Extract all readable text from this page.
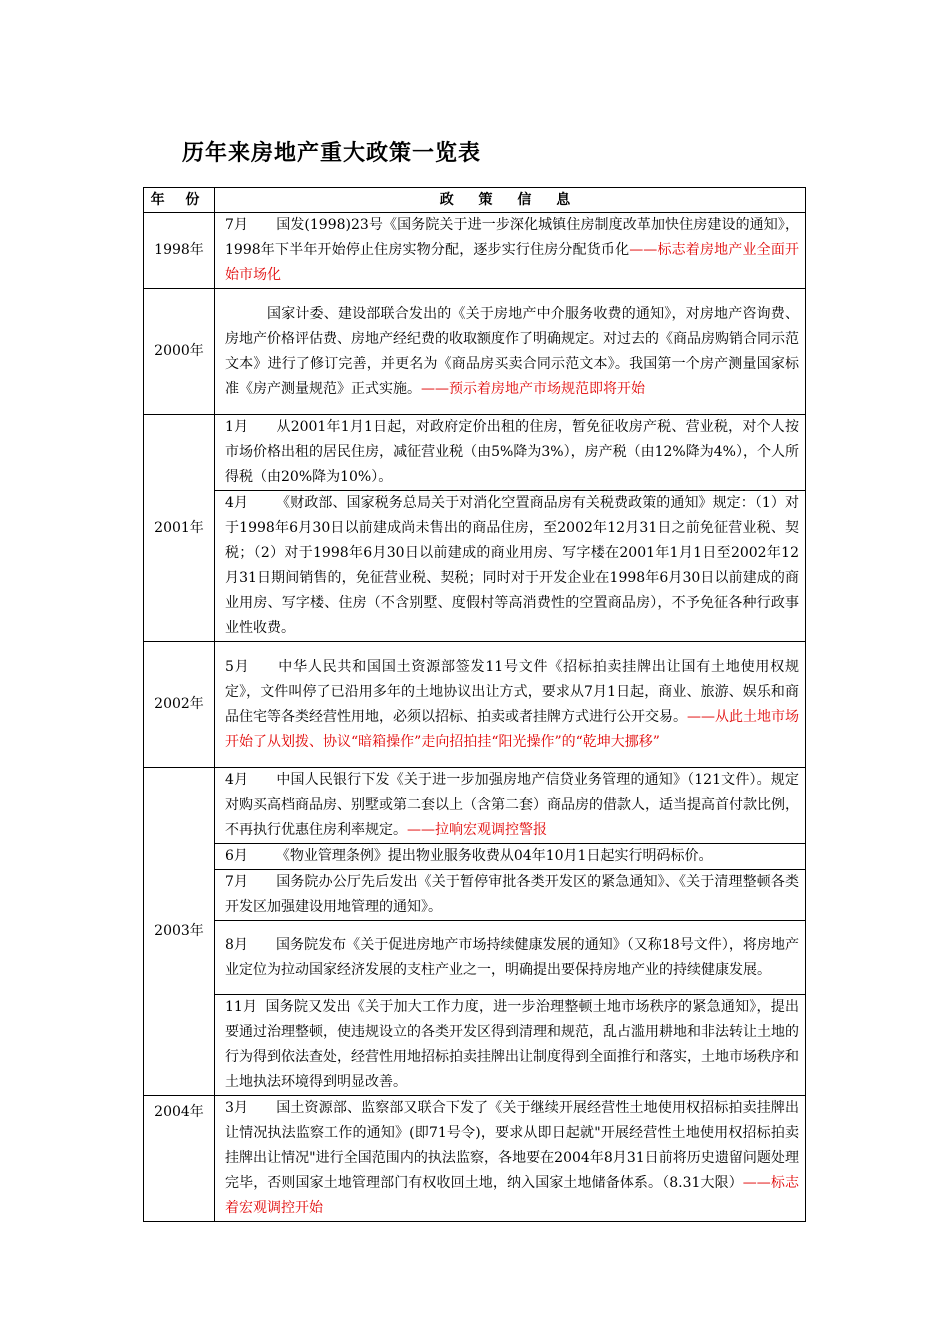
历年来房地产重大政策一览表
年 份	政 策 信 息
1998年	7月 国发(1998)23号《国务院关于进一步深化城镇住房制度改革加快住房建设的通知》，1998年下半年开始停止住房实物分配，逐步实行住房分配货币化——标志着房地产业全面开始市场化
2000年	国家计委、建设部联合发出的《关于房地产中介服务收费的通知》，对房地产咨询费、房地产价格评估费、房地产经纪费的收取额度作了明确规定。对过去的《商品房购销合同示范文本》进行了修订完善，并更名为《商品房买卖合同示范文本》。我国第一个房产测量国家标准《房产测量规范》正式实施。——预示着房地产市场规范即将开始

2001年	1月 从2001年1月1日起，对政府定价出租的住房，暂免征收房产税、营业税，对个人按市场价格出租的居民住房，减征营业税（由5%降为3%），房产税（由12%降为4%），个人所得税（由20%降为10%）。
	4月 《财政部、国家税务总局关于对消化空置商品房有关税费政策的通知》规定：（1）对于1998年6月30日以前建成尚未售出的商品住房，至2002年12月31日之前免征营业税、契税；（2）对于1998年6月30日以前建成的商业用房、写字楼在2001年1月1日至2002年12月31日期间销售的，免征营业税、契税；同时对于开发企业在1998年6月30日以前建成的商业用房、写字楼、住房（不含别墅、度假村等高消费性的空置商品房），不予免征各种行政事业性收费。
2002年	5月 中华人民共和国国土资源部签发11号文件《招标拍卖挂牌出让国有土地使用权规定》，文件叫停了已沿用多年的土地协议出让方式，要求从7月1日起，商业、旅游、娱乐和商品住宅等各类经营性用地，必须以招标、拍卖或者挂牌方式进行公开交易。——从此土地市场开始了从划拨、协议“暗箱操作”走向招拍挂“阳光操作”的“乾坤大挪移”
2003年	4月 中国人民银行下发《关于进一步加强房地产信贷业务管理的通知》（121文件）。规定对购买高档商品房、别墅或第二套以上（含第二套）商品房的借款人，适当提高首付款比例，不再执行优惠住房利率规定。——拉响宏观调控警报
	6月 《物业管理条例》提出物业服务收费从04年10月1日起实行明码标价。
	7月 国务院办公厅先后发出《关于暂停审批各类开发区的紧急通知》、《关于清理整顿各类开发区加强建设用地管理的通知》。
	8月 国务院发布《关于促进房地产市场持续健康发展的通知》（又称18号文件），将房地产业定位为拉动国家经济发展的支柱产业之一，明确提出要保持房地产业的持续健康发展。
	11月 国务院又发出《关于加大工作力度，进一步治理整顿土地市场秩序的紧急通知》，提出要通过治理整顿，使违规设立的各类开发区得到清理和规范，乱占滥用耕地和非法转让土地的行为得到依法查处，经营性用地招标拍卖挂牌出让制度得到全面推行和落实，土地市场秩序和土地执法环境得到明显改善。
2004年	3月 国土资源部、监察部又联合下发了《关于继续开展经营性土地使用权招标拍卖挂牌出让情况执法监察工作的通知》(即71号令)，要求从即日起就"开展经营性土地使用权招标拍卖挂牌出让情况"进行全国范围内的执法监察，各地要在2004年8月31日前将历史遗留问题处理完毕，否则国家土地管理部门有权收回土地，纳入国家土地储备体系。（8.31大限）——标志着宏观调控开始
